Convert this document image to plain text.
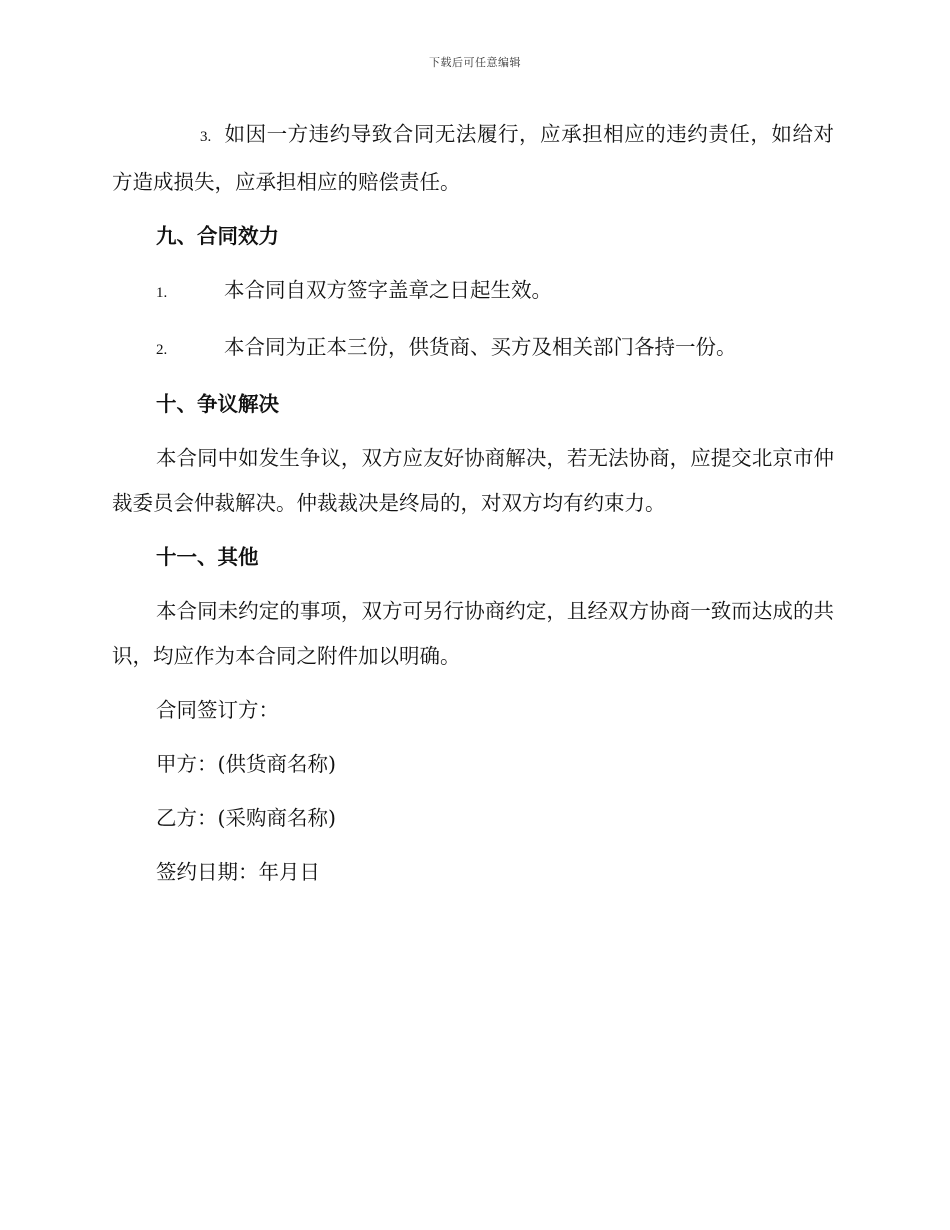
下载后可任意编辑
3. 如因一方违约导致合同无法履行，应承担相应的违约责任，如给对方造成损失，应承担相应的赔偿责任。
九、合同效力
1.	本合同自双方签字盖章之日起生效。
2.	本合同为正本三份，供货商、买方及相关部门各持一份。
十、争议解决
本合同中如发生争议，双方应友好协商解决，若无法协商，应提交北京市仲裁委员会仲裁解决。仲裁裁决是终局的，对双方均有约束力。
十一、其他
本合同未约定的事项，双方可另行协商约定，且经双方协商一致而达成的共识，均应作为本合同之附件加以明确。
合同签订方：
甲方：(供货商名称)
乙方：(采购商名称)
签约日期：年月日
